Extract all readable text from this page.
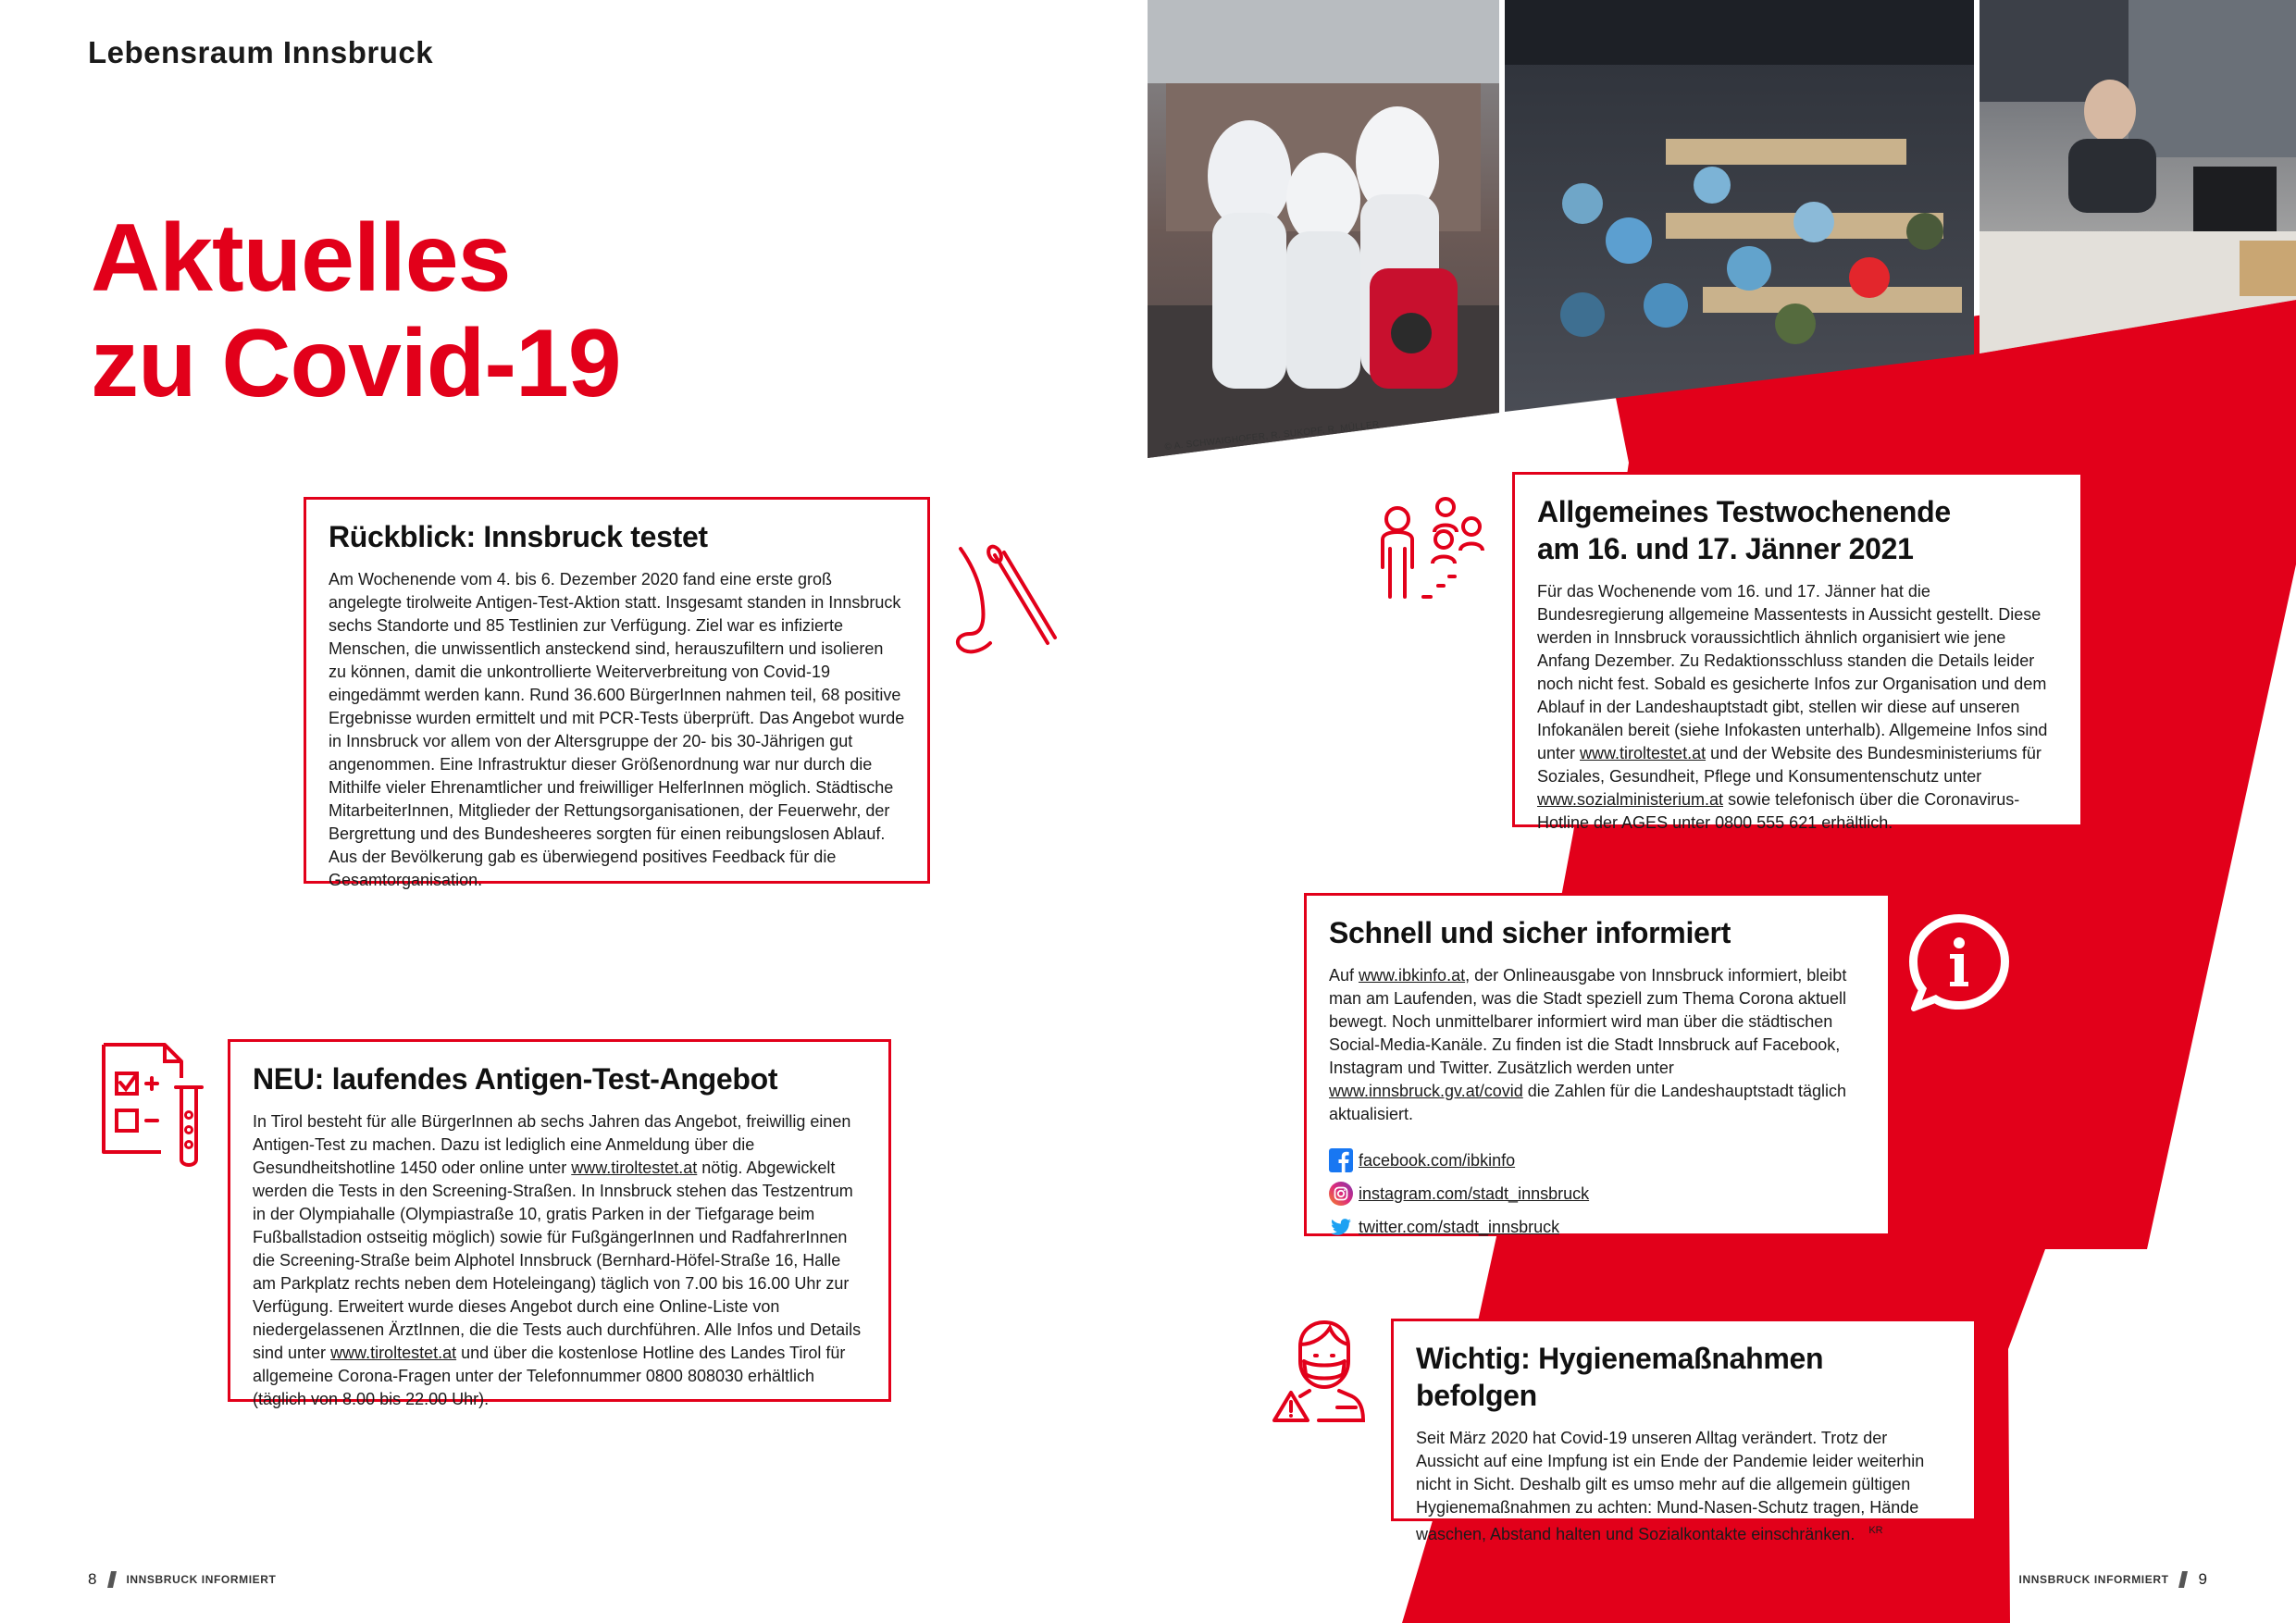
© A. SCHWAIGHOFER, R. SUKOPF, R. MÜLLER
Lebensraum Innsbruck
Aktuelles
zu Covid-19
Rückblick: Innsbruck testet

Am Wochenende vom 4. bis 6. Dezember 2020 fand eine erste groß angelegte tirolweite Antigen-Test-Aktion statt. Insgesamt standen in Innsbruck sechs Standorte und 85 Testlinien zur Verfügung. Ziel war es infizierte Menschen, die unwissentlich ansteckend sind, herauszufiltern und isolieren zu können, damit die unkontrollierte Weiterverbreitung von Covid-19 eingedämmt werden kann. Rund 36.600 BürgerInnen nahmen teil, 68 positive Ergebnisse wurden ermittelt und mit PCR-Tests überprüft. Das Angebot wurde in Innsbruck vor allem von der Altersgruppe der 20- bis 30-Jährigen gut angenommen. Eine Infrastruktur dieser Größenordnung war nur durch die Mithilfe vieler Ehrenamtlicher und freiwilliger HelferInnen möglich. Städtische MitarbeiterInnen, Mitglieder der Rettungsorganisationen, der Feuerwehr, der Bergrettung und des Bundesheeres sorgten für einen reibungslosen Ablauf. Aus der Bevölkerung gab es überwiegend positives Feedback für die Gesamtorganisation.

Allgemeines Testwochenende
am 16. und 17. Jänner 2021

Für das Wochenende vom 16. und 17. Jänner hat die Bundesregierung allgemeine Massentests in Aussicht gestellt. Diese werden in Innsbruck voraussichtlich ähnlich organisiert wie jene Anfang Dezember. Zu Redaktionsschluss standen die Details leider noch nicht fest. Sobald es gesicherte Infos zur Organisation und dem Ablauf in der Landeshauptstadt gibt, stellen wir diese auf unseren Infokanälen bereit (siehe Infokasten unterhalb). Allgemeine Infos sind unter www.tiroltestet.at und der Website des Bundesministeriums für Soziales, Gesundheit, Pflege und Konsumentenschutz unter www.sozialministerium.at sowie telefonisch über die Coronavirus-Hotline der AGES unter 0800 555 621 erhältlich.

Schnell und sicher informiert

Auf www.ibkinfo.at, der Onlineausgabe von Innsbruck informiert, bleibt man am Laufenden, was die Stadt speziell zum Thema Corona aktuell bewegt. Noch unmittelbarer informiert wird man über die städtischen Social-Media-Kanäle. Zu finden ist die Stadt Innsbruck auf Facebook, Instagram und Twitter. Zusätzlich werden unter www.innsbruck.gv.at/covid die Zahlen für die Landeshauptstadt täglich aktualisiert.

facebook.com/ibkinfo
instagram.com/stadt_innsbruck
twitter.com/stadt_innsbruck
NEU: laufendes Antigen-Test-Angebot

In Tirol besteht für alle BürgerInnen ab sechs Jahren das Angebot, freiwillig einen Antigen-Test zu machen. Dazu ist lediglich eine Anmeldung über die Gesundheitshotline 1450 oder online unter www.tiroltestet.at nötig. Abgewickelt werden die Tests in den Screening-Straßen. In Innsbruck stehen das Testzentrum in der Olympiahalle (Olympiastraße 10, gratis Parken in der Tiefgarage beim Fußballstadion ostseitig möglich) sowie für FußgängerInnen und RadfahrerInnen die Screening-Straße beim Alphotel Innsbruck (Bernhard-Höfel-Straße 16, Halle am Parkplatz rechts neben dem Hoteleingang) täglich von 7.00 bis 16.00 Uhr zur Verfügung. Erweitert wurde dieses Angebot durch eine Online-Liste von niedergelassenen ÄrztInnen, die die Tests auch durchführen. Alle Infos und Details sind unter www.tiroltestet.at und über die kostenlose Hotline des Landes Tirol für allgemeine Corona-Fragen unter der Telefonnummer 0800 808030 erhältlich (täglich von 8.00 bis 22.00 Uhr).

Wichtig: Hygienemaßnahmen befolgen

Seit März 2020 hat Covid-19 unseren Alltag verändert. Trotz der Aussicht auf eine Impfung ist ein Ende der Pandemie leider weiterhin nicht in Sicht. Deshalb gilt es umso mehr auf die allgemein gültigen Hygienemaßnahmen zu achten: Mund-Nasen-Schutz tragen, Hände waschen, Abstand halten und Sozialkontakte einschränken. $^{KR}$

8	INNSBRUCK INFORMIERT	INNSBRUCK INFORMIERT 9
